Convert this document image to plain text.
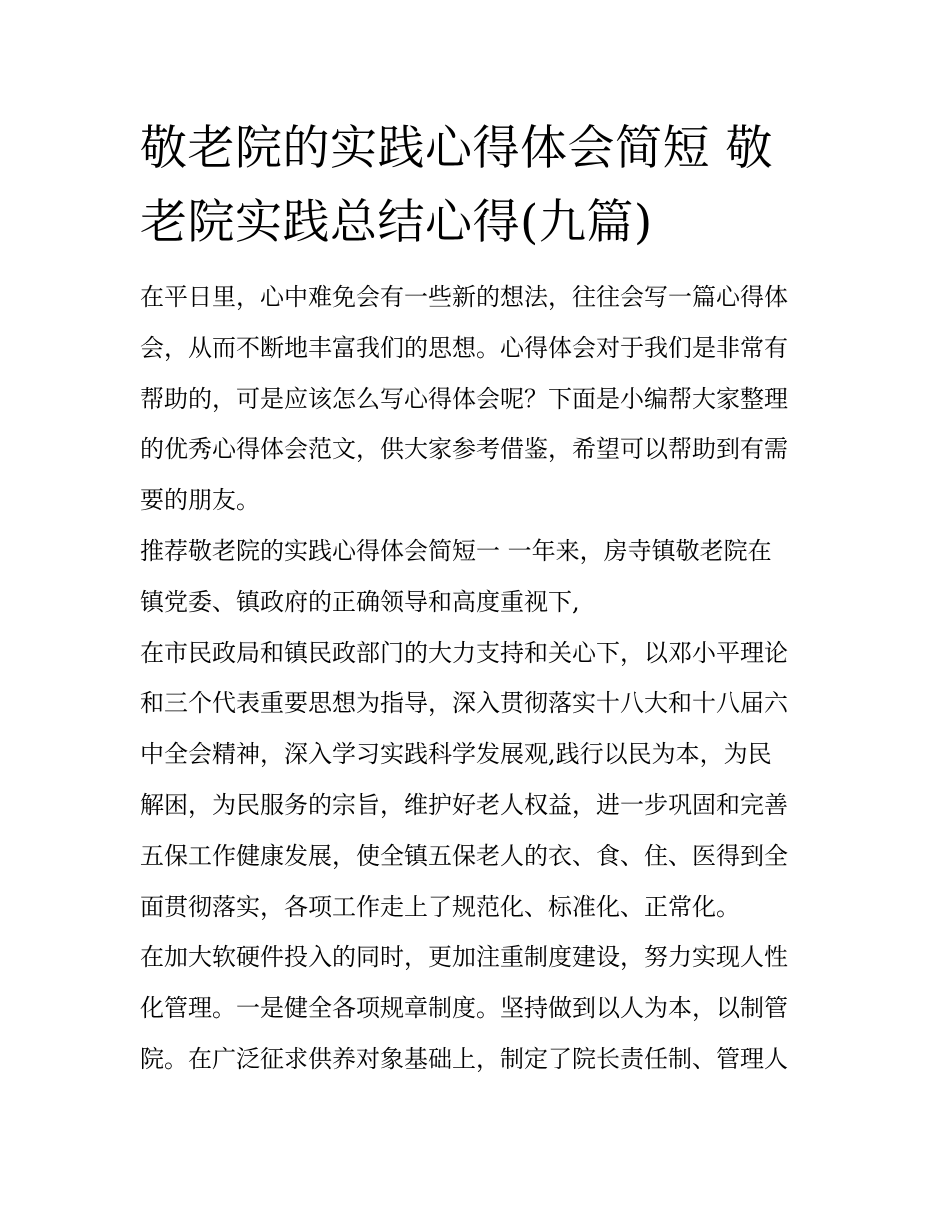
敬老院的实践心得体会简短 敬
老院实践总结心得(九篇)

在平日里，心中难免会有一些新的想法，往往会写一篇心得体
会，从而不断地丰富我们的思想。心得体会对于我们是非常有
帮助的，可是应该怎么写心得体会呢？下面是小编帮大家整理
的优秀心得体会范文，供大家参考借鉴，希望可以帮助到有需
要的朋友。

推荐敬老院的实践心得体会简短一 一年来，房寺镇敬老院在
镇党委、镇政府的正确领导和高度重视下,

在市民政局和镇民政部门的大力支持和关心下，以邓小平理论
和三个代表重要思想为指导，深入贯彻落实十八大和十八届六
中全会精神，深入学习实践科学发展观,践行以民为本，为民
解困，为民服务的宗旨，维护好老人权益，进一步巩固和完善
五保工作健康发展，使全镇五保老人的衣、食、住、医得到全
面贯彻落实，各项工作走上了规范化、标准化、正常化。

在加大软硬件投入的同时，更加注重制度建设，努力实现人性
化管理。一是健全各项规章制度。坚持做到以人为本，以制管
院。在广泛征求供养对象基础上，制定了院长责任制、管理人
